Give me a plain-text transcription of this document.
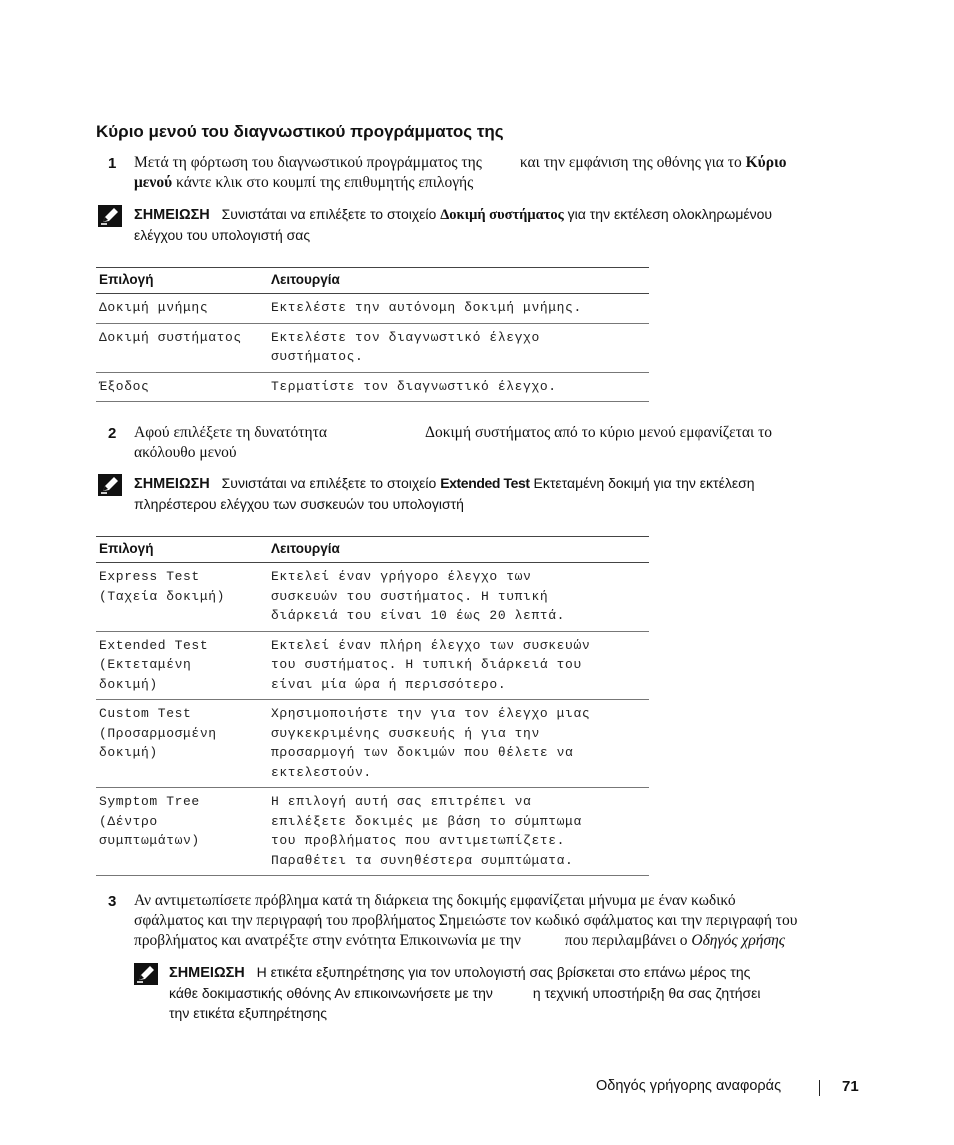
Κύριο μενού του διαγνωστικού προγράμματος της
1 Μετά τη φόρτωση του διαγνωστικού προγράμματος της και την εμφάνιση της οθόνης για το Κύριο
μενού κάντε κλικ στο κουμπί της επιθυμητής επιλογής
ΣΗΜΕΙΩΣΗ Συνιστάται να επιλέξετε το στοιχείο Δοκιμή συστήματος για την εκτέλεση ολοκληρωμένου
ελέγχου του υπολογιστή σας
Επιλογή	Λειτουργία

Δοκιμή μνήμης	Εκτελέστε την αυτόνομη δοκιμή μνήμης.

Δοκιμή συστήματος	Εκτελέστε τον διαγνωστικό έλεγχο
συστήματος.

Έξοδος	Τερματίστε τον διαγνωστικό έλεγχο.
2 Αφού επιλέξετε τη δυνατότητα	Δοκιμή συστήματος από το κύριο μενού εμφανίζεται το
ακόλουθο μενού
ΣΗΜΕΙΩΣΗ Συνιστάται να επιλέξετε το στοιχείο Extended Test Εκτεταμένη δοκιμή για την εκτέλεση
πληρέστερου ελέγχου των συσκευών του υπολογιστή
Επιλογή	Λειτουργία

Express Test
(Ταχεία δοκιμή)	Εκτελεί έναν γρήγορο έλεγχο των
συσκευών του συστήματος. Η τυπική
διάρκειά του είναι 10 έως 20 λεπτά.

Extended Test
(Εκτεταμένη
δοκιμή)	Εκτελεί έναν πλήρη έλεγχο των συσκευών
του συστήματος. Η τυπική διάρκειά του
είναι μία ώρα ή περισσότερο.

Custom Test
(Προσαρμοσμένη
δοκιμή)	Χρησιμοποιήστε την για τον έλεγχο μιας
συγκεκριμένης συσκευής ή για την
προσαρμογή των δοκιμών που θέλετε να
εκτελεστούν.

Symptom Tree
(Δέντρο
συμπτωμάτων)	Η επιλογή αυτή σας επιτρέπει να
επιλέξετε δοκιμές με βάση το σύμπτωμα
του προβλήματος που αντιμετωπίζετε.
Παραθέτει τα συνηθέστερα συμπτώματα.
3 Αν αντιμετωπίσετε πρόβλημα κατά τη διάρκεια της δοκιμής εμφανίζεται μήνυμα με έναν κωδικό
σφάλματος και την περιγραφή του προβλήματος Σημειώστε τον κωδικό σφάλματος και την περιγραφή του
προβλήματος και ανατρέξτε στην ενότητα Επικοινωνία με την	που περιλαμβάνει ο Οδηγός χρήσης
ΣΗΜΕΙΩΣΗ Η ετικέτα εξυπηρέτησης για τον υπολογιστή σας βρίσκεται στο επάνω μέρος της
κάθε δοκιμαστικής οθόνης Αν επικοινωνήσετε με την	η τεχνική υποστήριξη θα σας ζητήσει
την ετικέτα εξυπηρέτησης
Οδηγός γρήγορης αναφοράς	71
